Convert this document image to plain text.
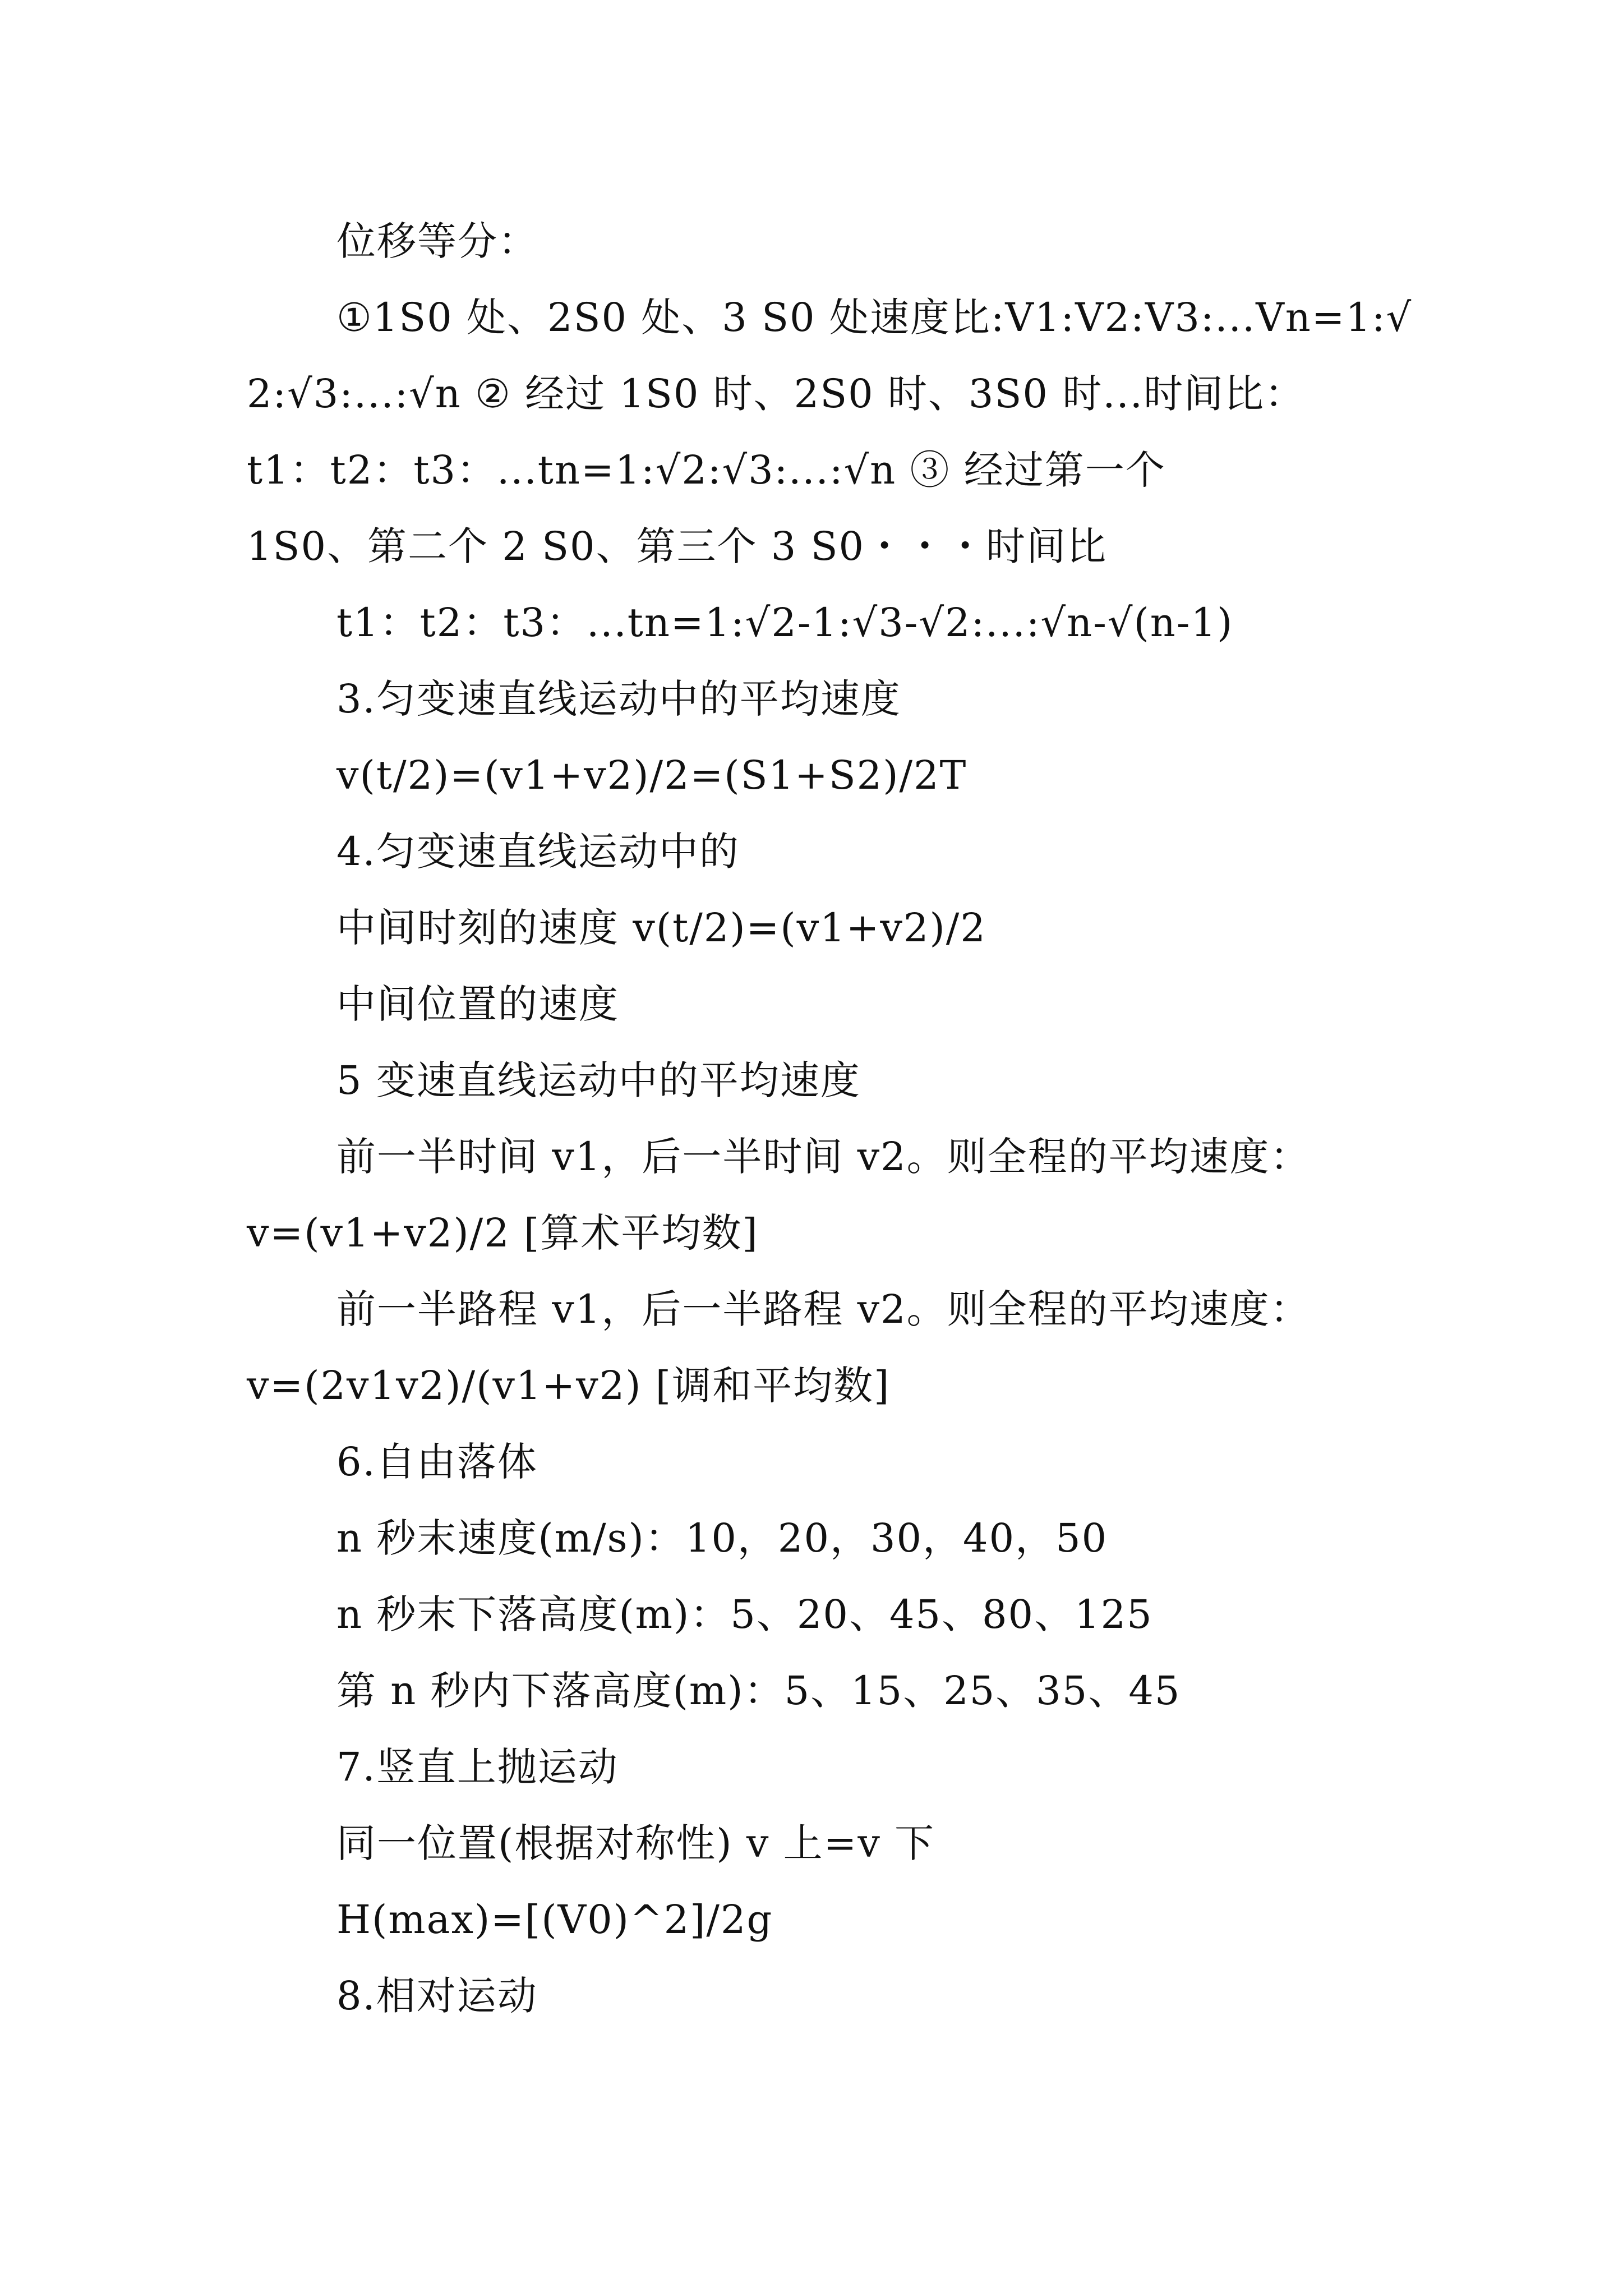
位移等分：
①1S0 处、2S0 处、3 S0 处速度比:V1:V2:V3:...Vn=1:√
2:√3:...:√n ② 经过 1S0 时、2S0 时、3S0 时...时间比：
t1：t2：t3：...tn=1:√2:√3:...:√n ③ 经过第一个
1S0、第二个 2 S0、第三个 3 S0・・・时间比
t1：t2：t3：...tn=1:√2-1:√3-√2:...:√n-√(n-1)
3.匀变速直线运动中的平均速度
v(t/2)=(v1+v2)/2=(S1+S2)/2T
4.匀变速直线运动中的
中间时刻的速度 v(t/2)=(v1+v2)/2
中间位置的速度
5 变速直线运动中的平均速度
前一半时间 v1，后一半时间 v2。则全程的平均速度：
v=(v1+v2)/2 [算术平均数]
前一半路程 v1，后一半路程 v2。则全程的平均速度：
v=(2v1v2)/(v1+v2) [调和平均数]
6.自由落体
n 秒末速度(m/s)：10，20，30，40，50
n 秒末下落高度(m)：5、20、45、80、125
第 n 秒内下落高度(m)：5、15、25、35、45
7.竖直上抛运动
同一位置(根据对称性) v 上=v 下
H(max)=[(V0)^2]/2g
8.相对运动
